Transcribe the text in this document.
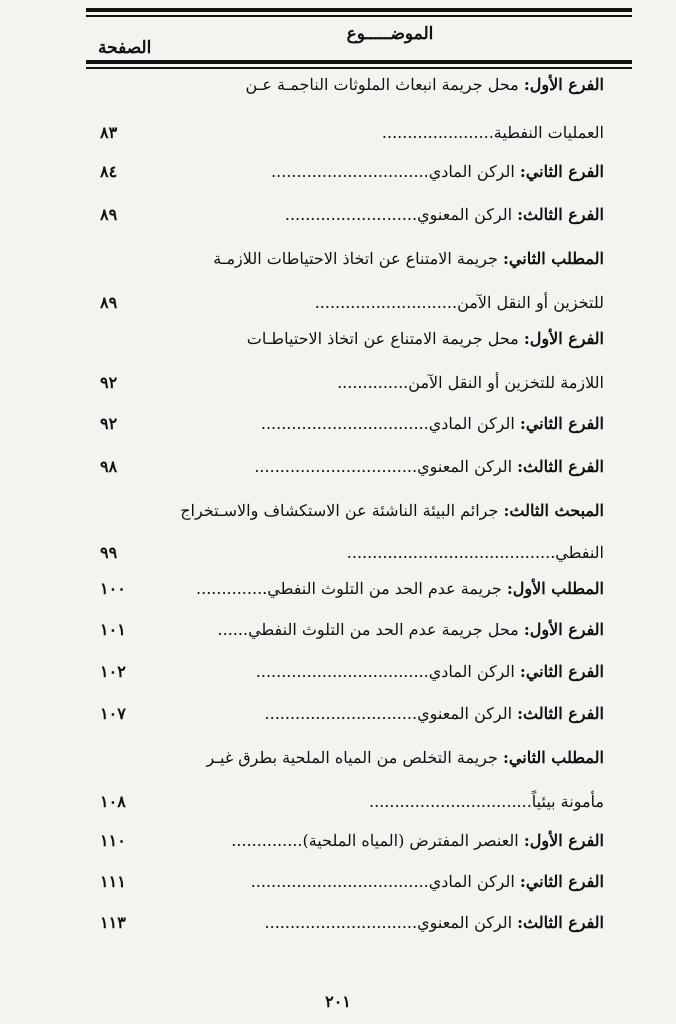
الموضـــــوع
الصفحة
الفرع الأول: محل جريمة انبعاث الملوثات الناجمـة عـن
العمليات النفطية......................
٨٣
الفرع الثاني: الركن المادي...............................
٨٤
الفرع الثالث: الركن المعنوي..........................
٨٩
المطلب الثاني: جريمة الامتناع عن اتخاذ الاحتياطات اللازمـة
للتخزين أو النقل الآمن............................
٨٩
الفرع الأول: محل جريمة الامتناع عن اتخاذ الاحتياطـات
اللازمة للتخزين أو النقل الآمن..............
٩٢
الفرع الثاني: الركن المادي.................................
٩٢
الفرع الثالث: الركن المعنوي................................
٩٨
المبحث الثالث: جرائم البيئة الناشئة عن الاستكشاف والاسـتخراج
النفطي.........................................
٩٩
المطلب الأول: جريمة عدم الحد من التلوث النفطي..............
١٠٠
الفرع الأول: محل جريمة عدم الحد من التلوث النفطي......
١٠١
الفرع الثاني: الركن المادي..................................
١٠٢
الفرع الثالث: الركن المعنوي..............................
١٠٧
المطلب الثاني: جريمة التخلص من المياه الملحية بطرق غيـر
مأمونة بيئياً................................
١٠٨
الفرع الأول: العنصر المفترض (المياه الملحية)..............
١١٠
الفرع الثاني: الركن المادي...................................
١١١
الفرع الثالث: الركن المعنوي..............................
١١٣
٢٠١
